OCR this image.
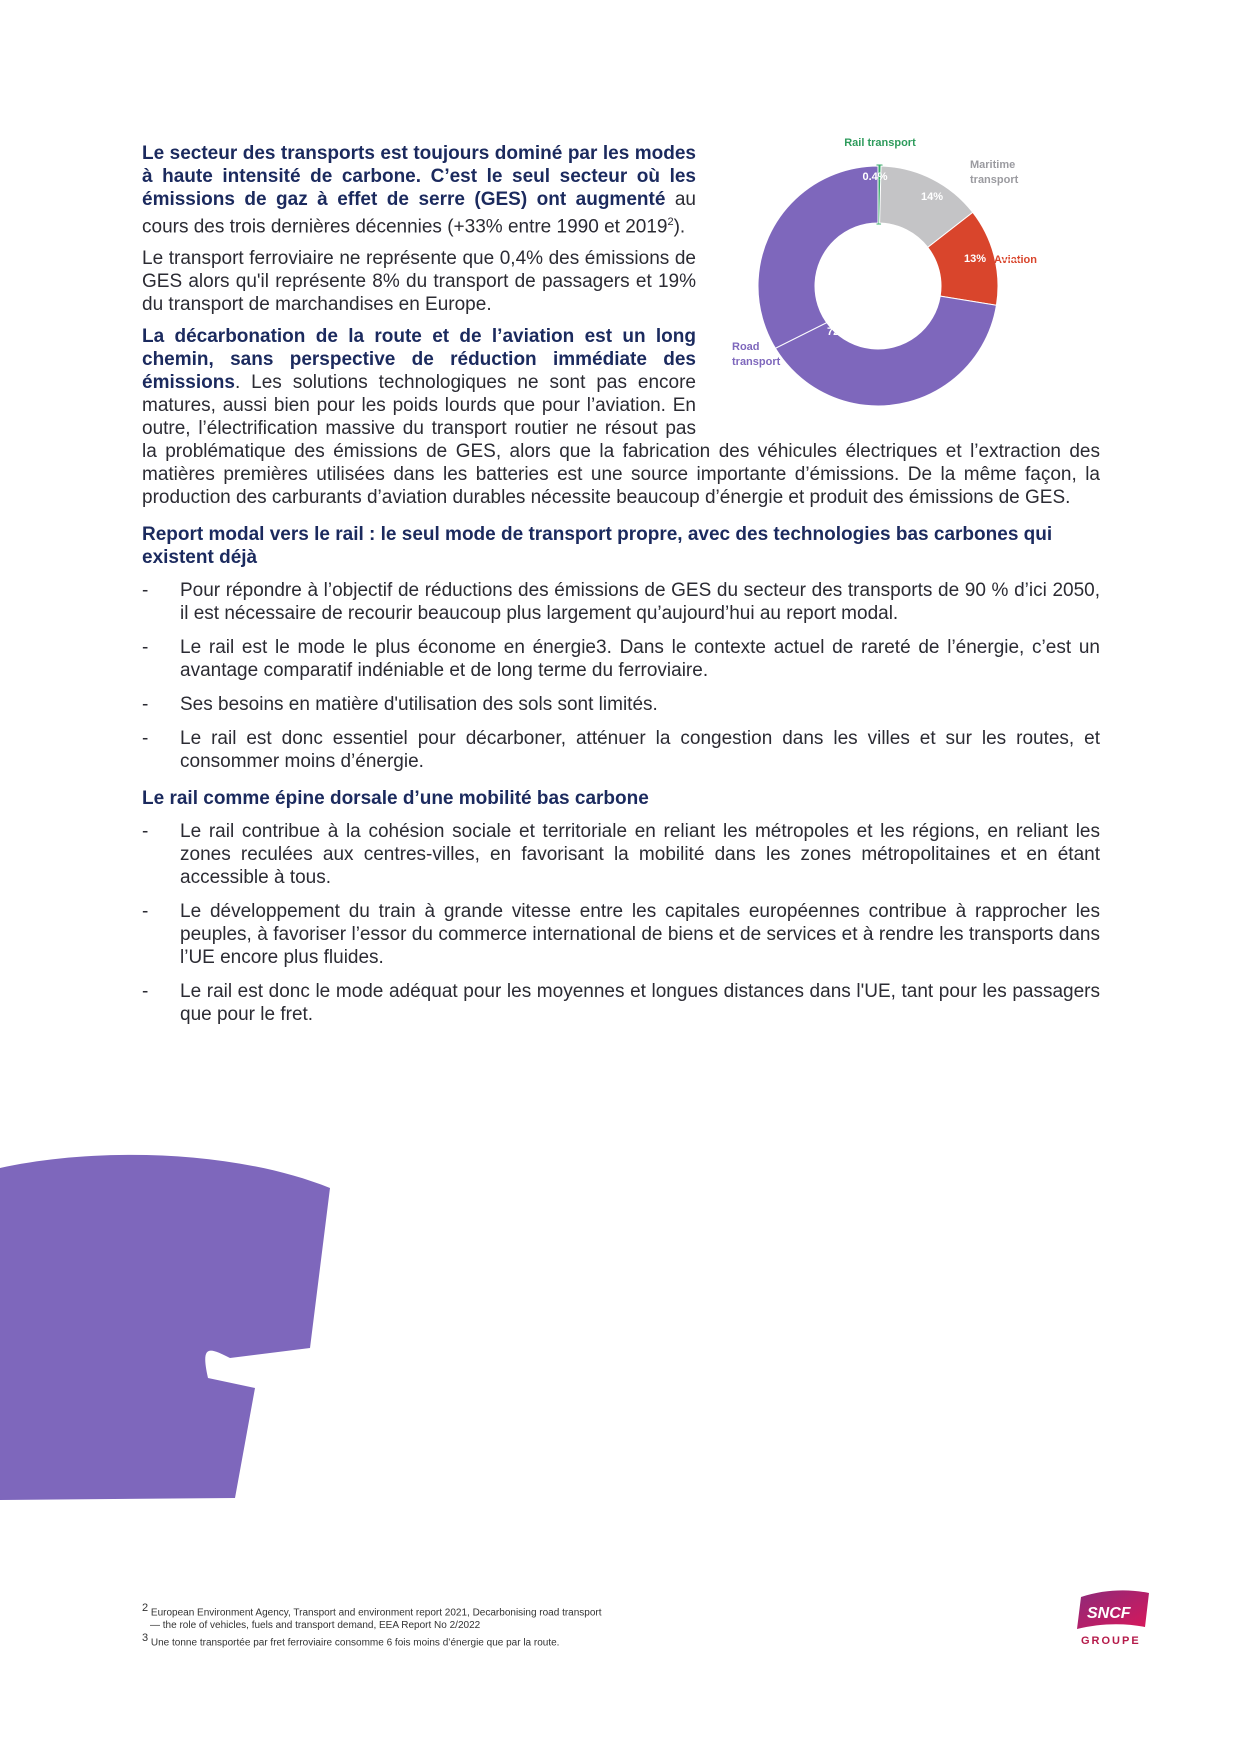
0.4%
Rail transport
14%
Maritime transport
13% Aviation
72%
Road transport

Le secteur des transports est toujours dominé par les modes à haute intensité de carbone. C’est le seul secteur où les émissions de gaz à effet de serre (GES) ont augmenté au cours des trois dernières décennies (+33% entre 1990 et 2019$^2$).

Le transport ferroviaire ne représente que 0,4% des émissions de GES alors qu'il représente 8% du transport de passagers et 19% du transport de marchandises en Europe.

La décarbonation de la route et de l’aviation est un long chemin, sans perspective de réduction immédiate des émissions. Les solutions technologiques ne sont pas encore matures, aussi bien pour les poids lourds que pour l’aviation. En outre, l’électrification massive du transport routier ne résout pas la problématique des émissions de GES, alors que la fabrication des véhicules électriques et l’extraction des matières premières utilisées dans les batteries est une source importante d’émissions. De la même façon, la production des carburants d’aviation durables nécessite beaucoup d’énergie et produit des émissions de GES.

Report modal vers le rail : le seul mode de transport propre, avec des technologies bas carbones qui existent déjà
- Pour répondre à l’objectif de réductions des émissions de GES du secteur des transports de 90 % d’ici 2050, il est nécessaire de recourir beaucoup plus largement qu’aujourd’hui au report modal.
- Le rail est le mode le plus économe en énergie3. Dans le contexte actuel de rareté de l’énergie, c’est un avantage comparatif indéniable et de long terme du ferroviaire.
- Ses besoins en matière d'utilisation des sols sont limités.
- Le rail est donc essentiel pour décarboner, atténuer la congestion dans les villes et sur les routes, et consommer moins d’énergie.
Le rail comme épine dorsale d’une mobilité bas carbone
- Le rail contribue à la cohésion sociale et territoriale en reliant les métropoles et les régions, en reliant les zones reculées aux centres-villes, en favorisant la mobilité dans les zones métropolitaines et en étant accessible à tous.
- Le développement du train à grande vitesse entre les capitales européennes contribue à rapprocher les peuples, à favoriser l’essor du commerce international de biens et de services et à rendre les transports dans l’UE encore plus fluides.
- Le rail est donc le mode adéquat pour les moyennes et longues distances dans l'UE, tant pour les passagers que pour le fret.

2 European Environment Agency, Transport and environment report 2021, Decarbonising road transport

— the role of vehicles, fuels and transport demand, EEA Report No 2/2022

3 Une tonne transportée par fret ferroviaire consomme 6 fois moins d’énergie que par la route.

SNCF
GROUPE
